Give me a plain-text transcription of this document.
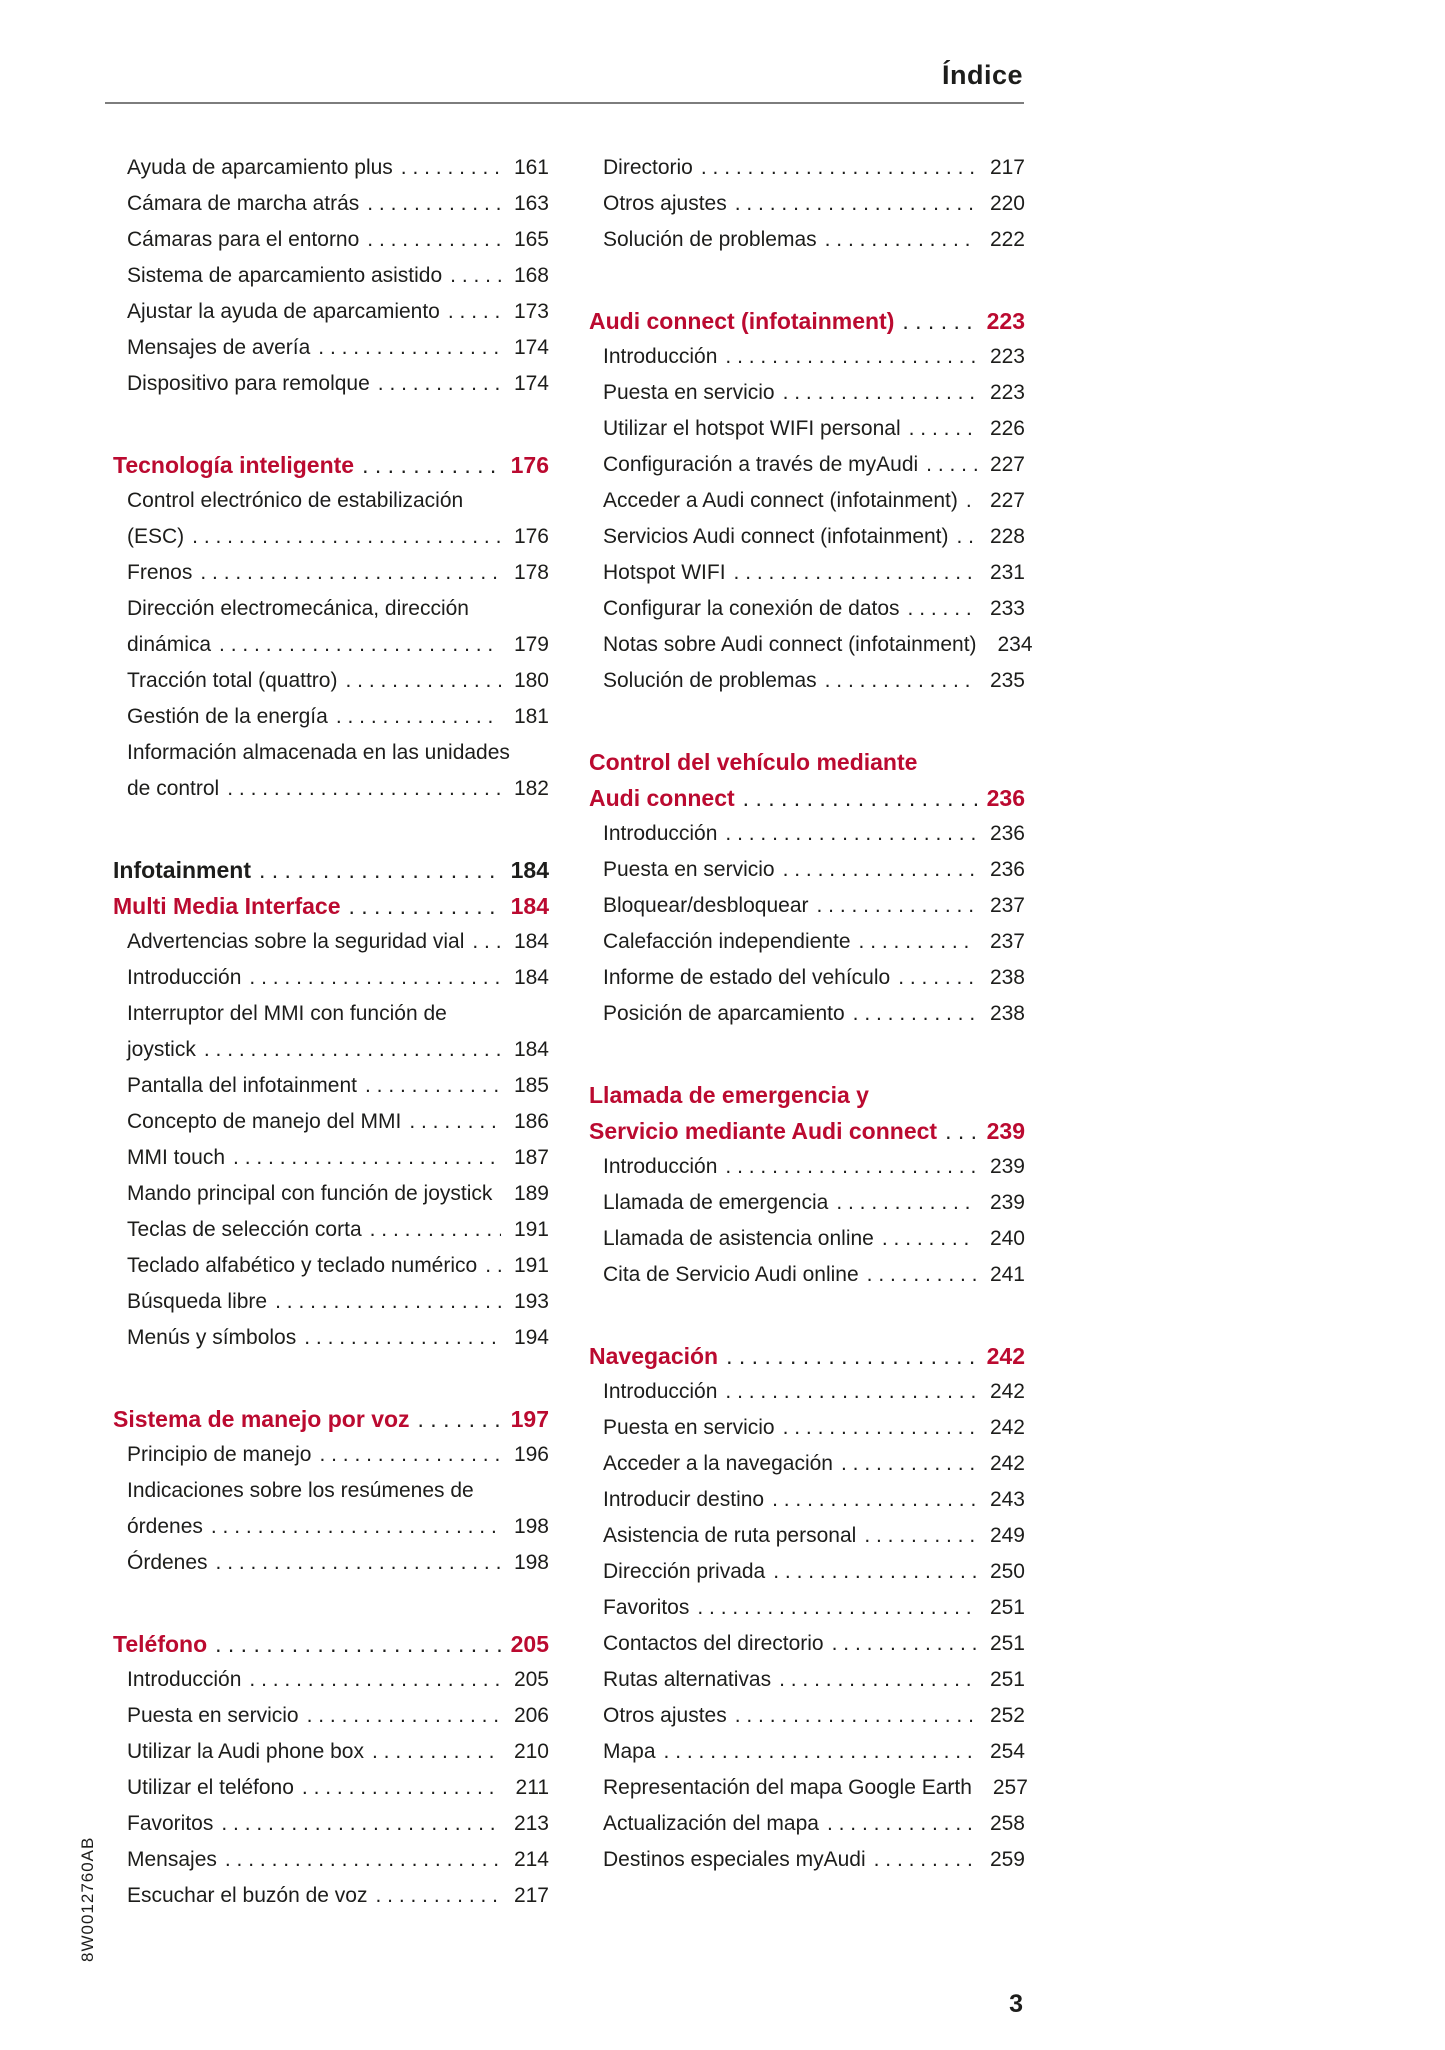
Índice
Ayuda de aparcamiento plus . . .	161
Cámara de marcha atrás . . .	163
Cámaras para el entorno . . .	165
Sistema de aparcamiento asistido . . .	168
Ajustar la ayuda de aparcamiento . . .	173
Mensajes de avería . . .	174
Dispositivo para remolque . . .	174
Tecnología inteligente . . .	176
Control electrónico de estabilización
(ESC) . . .	176
Frenos . . .	178
Dirección electromecánica, dirección
dinámica . . .	179
Tracción total (quattro) . . .	180
Gestión de la energía . . .	181
Información almacenada en las unidades
de control . . .	182
Infotainment . . .	184
Multi Media Interface . . .	184
Advertencias sobre la seguridad vial . . .	184
Introducción . . .	184
Interruptor del MMI con función de
joystick . . .	184
Pantalla del infotainment . . .	185
Concepto de manejo del MMI . . .	186
MMI touch . . .	187
Mando principal con función de joystick . . .	189
Teclas de selección corta . . .	191
Teclado alfabético y teclado numérico . . .	191
Búsqueda libre . . .	193
Menús y símbolos . . .	194
Sistema de manejo por voz . . .	197
Principio de manejo . . .	196
Indicaciones sobre los resúmenes de
órdenes . . .	198
Órdenes . . .	198
Teléfono . . .	205
Introducción . . .	205
Puesta en servicio . . .	206
Utilizar la Audi phone box . . .	210
Utilizar el teléfono . . .	211
Favoritos . . .	213
Mensajes . . .	214
Escuchar el buzón de voz . . .	217
Directorio . . .	217
Otros ajustes . . .	220
Solución de problemas . . .	222
Audi connect (infotainment) . . .	223
Introducción . . .	223
Puesta en servicio . . .	223
Utilizar el hotspot WIFI personal . . .	226
Configuración a través de myAudi . . .	227
Acceder a Audi connect (infotainment) . . .	227
Servicios Audi connect (infotainment) . . .	228
Hotspot WIFI . . .	231
Configurar la conexión de datos . . .	233
Notas sobre Audi connect (infotainment) 234
Solución de problemas . . .	235
Control del vehículo mediante
Audi connect . . .	236
Introducción . . .	236
Puesta en servicio . . .	236
Bloquear/desbloquear . . .	237
Calefacción independiente . . .	237
Informe de estado del vehículo . . .	238
Posición de aparcamiento . . .	238
Llamada de emergencia y
Servicio mediante Audi connect . . . 239
Introducción . . .	239
Llamada de emergencia . . .	239
Llamada de asistencia online . . .	240
Cita de Servicio Audi online . . .	241
Navegación . . .	242
Introducción . . .	242
Puesta en servicio . . .	242
Acceder a la navegación . . .	242
Introducir destino . . .	243
Asistencia de ruta personal . . .	249
Dirección privada . . .	250
Favoritos . . .	251
Contactos del directorio . . .	251
Rutas alternativas . . .	251
Otros ajustes . . .	252
Mapa . . .	254
Representación del mapa Google Earth 257
Actualización del mapa . . .	258
Destinos especiales myAudi . . .	259
8W0012760AB
3
